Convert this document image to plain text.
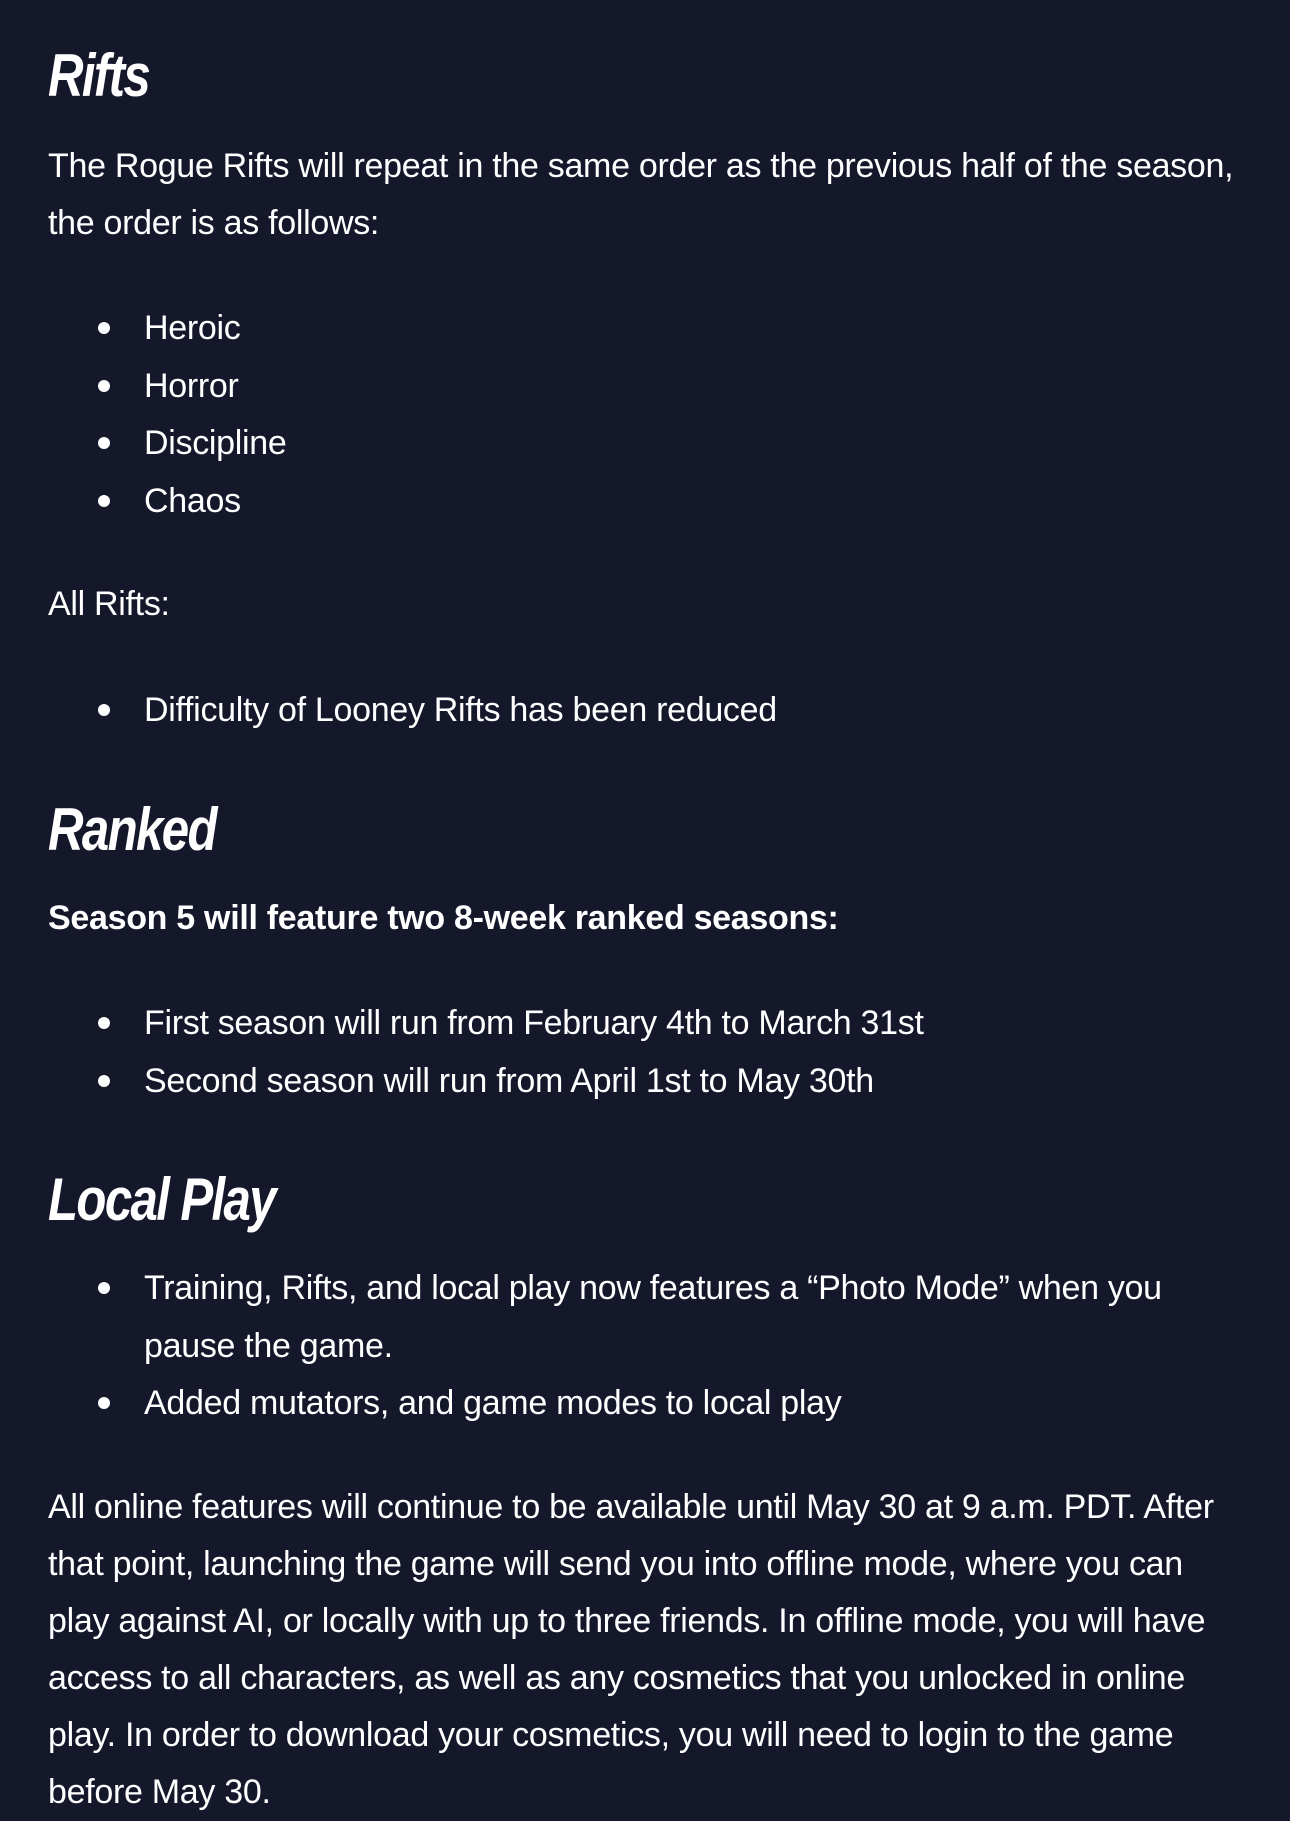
Rifts

The Rogue Rifts will repeat in the same order as the previous half of the season, the order is as follows:

Heroic
Horror
Discipline
Chaos

All Rifts:

Difficulty of Looney Rifts has been reduced
Ranked

Season 5 will feature two 8-week ranked seasons:

First season will run from February 4th to March 31st
Second season will run from April 1st to May 30th
Local Play
Training, Rifts, and local play now features a “Photo Mode” when you pause the game.
Added mutators, and game modes to local play

All online features will continue to be available until May 30 at 9 a.m. PDT. After that point, launching the game will send you into offline mode, where you can play against AI, or locally with up to three friends. In offline mode, you will have access to all characters, as well as any cosmetics that you unlocked in online play. In order to download your cosmetics, you will need to login to the game before May 30.
